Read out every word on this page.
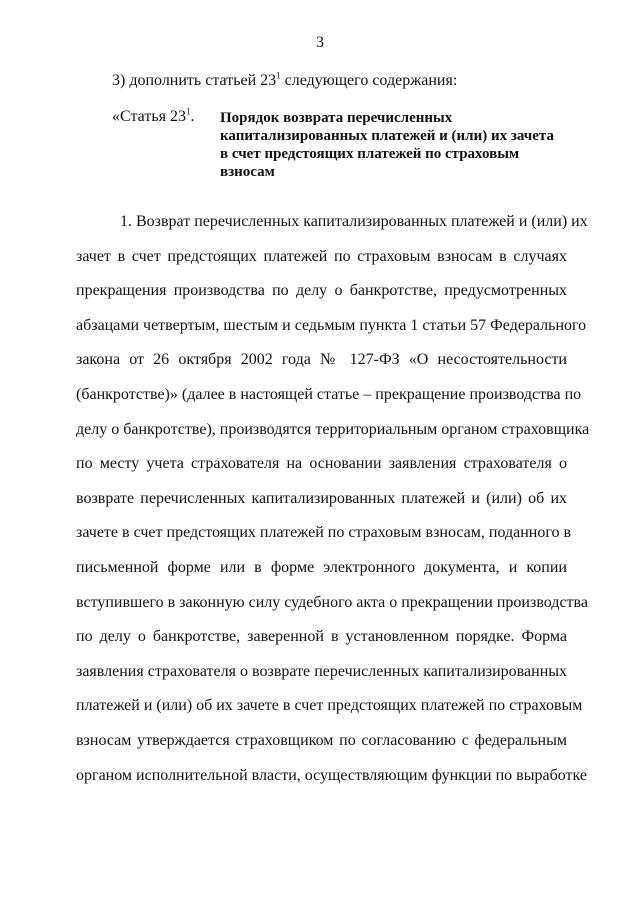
3
3) дополнить статьей $23^1$ следующего содержания:
«Статья $23^1$. Порядок возврата перечисленных
капитализированных платежей и (или) их зачета
в счет предстоящих платежей по страховым
взносам
1. Возврат перечисленных капитализированных платежей и (или) их
зачет в счет предстоящих платежей по страховым взносам в случаях
прекращения производства по делу о банкротстве, предусмотренных
абзацами четвертым, шестым и седьмым пункта 1 статьи 57 Федерального
закона от 26 октября 2002 года № 127-ФЗ «О несостоятельности
(банкротстве)» (далее в настоящей статье – прекращение производства по
делу о банкротстве), производятся территориальным органом страховщика
по месту учета страхователя на основании заявления страхователя о
возврате перечисленных капитализированных платежей и (или) об их
зачете в счет предстоящих платежей по страховым взносам, поданного в
письменной форме или в форме электронного документа, и копии
вступившего в законную силу судебного акта о прекращении производства
по делу о банкротстве, заверенной в установленном порядке. Форма
заявления страхователя о возврате перечисленных капитализированных
платежей и (или) об их зачете в счет предстоящих платежей по страховым
взносам утверждается страховщиком по согласованию с федеральным
органом исполнительной власти, осуществляющим функции по выработке
